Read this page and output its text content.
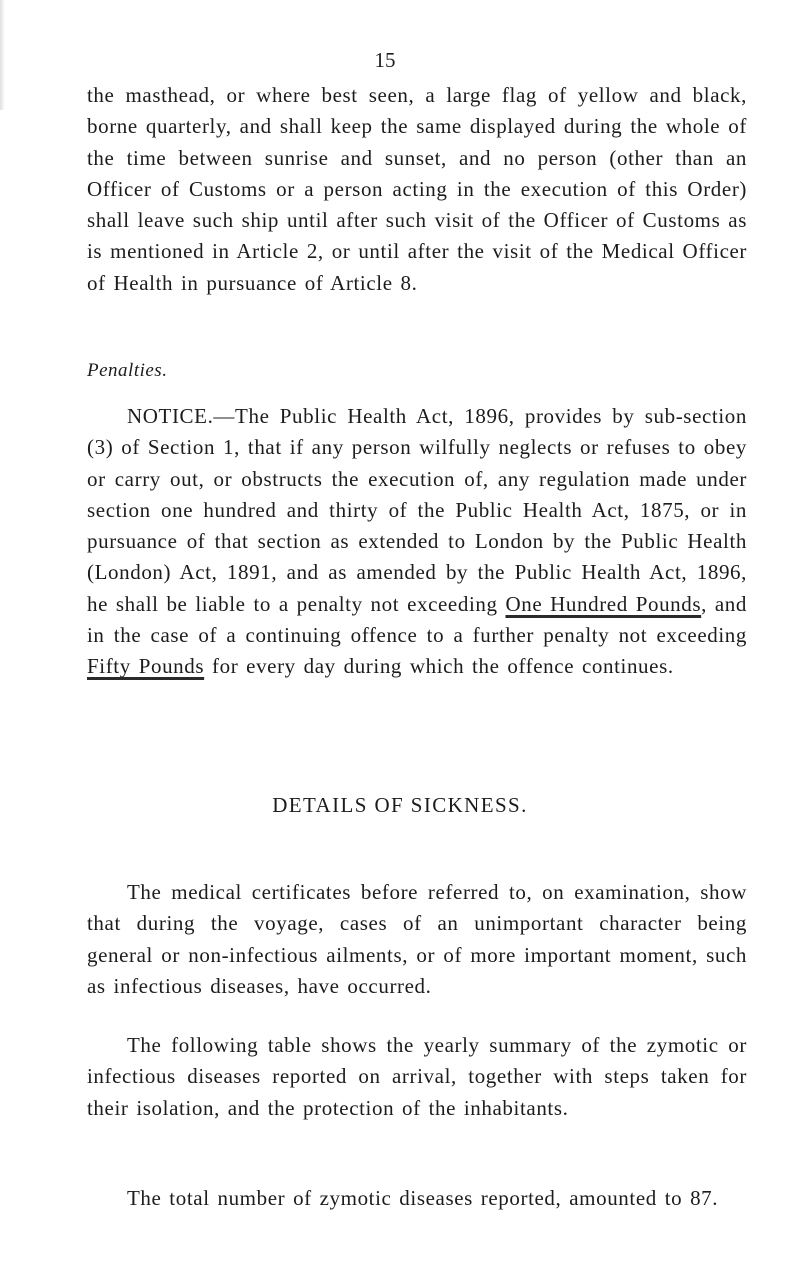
15

the masthead, or where best seen, a large flag of yellow and black, borne quarterly, and shall keep the same displayed during the whole of the time between sunrise and sunset, and no person (other than an Officer of Customs or a person acting in the execution of this Order) shall leave such ship until after such visit of the Officer of Customs as is mentioned in Article 2, or until after the visit of the Medical Officer of Health in pursuance of Article 8.

Penalties.

NOTICE.—The Public Health Act, 1896, provides by sub-section (3) of Section 1, that if any person wilfully neglects or refuses to obey or carry out, or obstructs the execution of, any regulation made under section one hundred and thirty of the Public Health Act, 1875, or in pursuance of that section as extended to London by the Public Health (London) Act, 1891, and as amended by the Public Health Act, 1896, he shall be liable to a penalty not exceeding One Hundred Pounds, and in the case of a continuing offence to a further penalty not exceeding Fifty Pounds for every day during which the offence continues.

DETAILS OF SICKNESS.

The medical certificates before referred to, on examination, show that during the voyage, cases of an unimportant character being general or non-infectious ailments, or of more important moment, such as infectious diseases, have occurred.

The following table shows the yearly summary of the zymotic or infectious diseases reported on arrival, together with steps taken for their isolation, and the protection of the inhabitants.

The total number of zymotic diseases reported, amounted to 87.
